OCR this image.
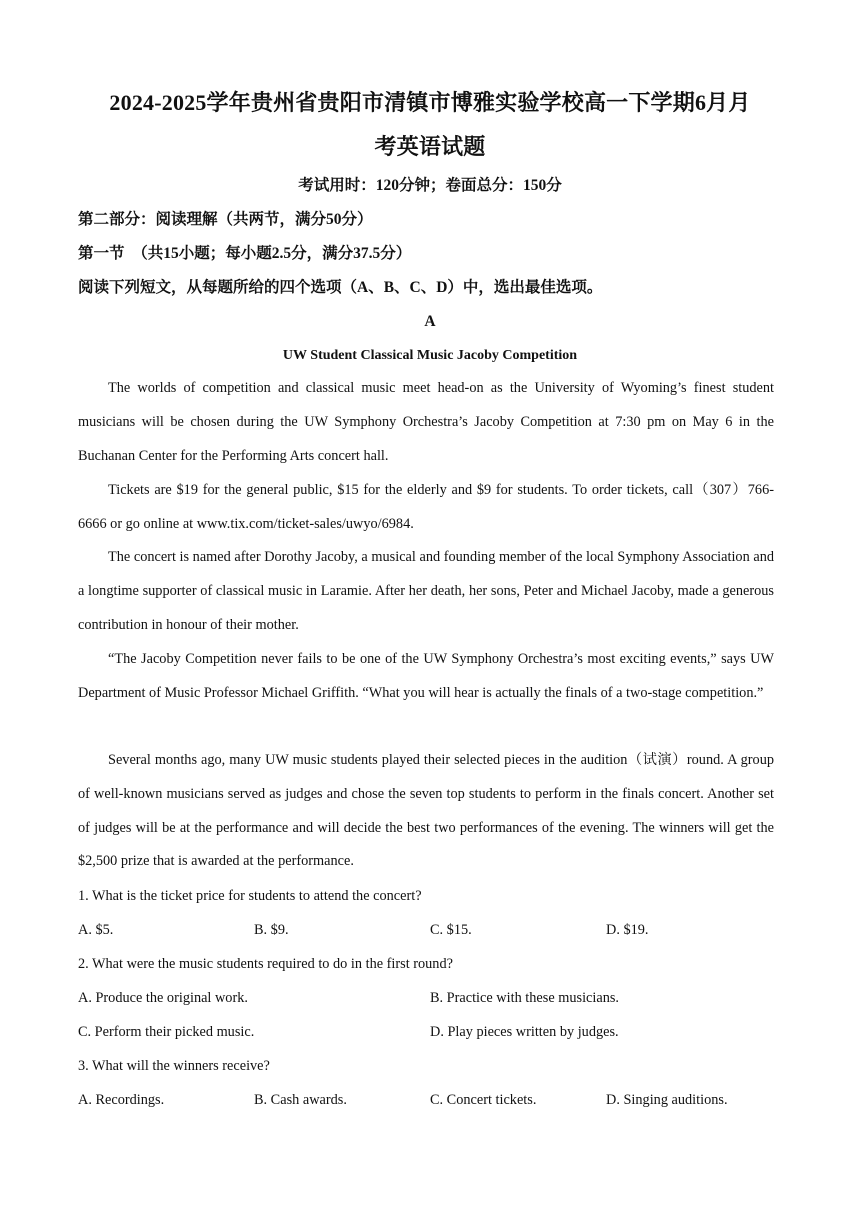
2024-2025学年贵州省贵阳市清镇市博雅实验学校高一下学期6月月
考英语试题
考试用时：120分钟；卷面总分：150分
第二部分：阅读理解（共两节，满分50分）
第一节　（共15小题；每小题2.5分，满分37.5分）
阅读下列短文，从每题所给的四个选项（A、B、C、D）中，选出最佳选项。
A
UW Student Classical Music Jacoby Competition

The worlds of competition and classical music meet head-on as the University of Wyoming’s finest student musicians will be chosen during the UW Symphony Orchestra’s Jacoby Competition at 7:30 pm on May 6 in the Buchanan Center for the Performing Arts concert hall.

Tickets are $19 for the general public, $15 for the elderly and $9 for students. To order tickets, call（307）766-6666 or go online at www.tix.com/ticket-sales/uwyo/6984.

The concert is named after Dorothy Jacoby, a musical and founding member of the local Symphony Association and a longtime supporter of classical music in Laramie. After her death, her sons, Peter and Michael Jacoby, made a generous contribution in honour of their mother.

“The Jacoby Competition never fails to be one of the UW Symphony Orchestra’s most exciting events,” says UW Department of Music Professor Michael Griffith. “What you will hear is actually the finals of a two-stage competition.”

Several months ago, many UW music students played their selected pieces in the audition（试演）round. A group of well-known musicians served as judges and chose the seven top students to perform in the finals concert. Another set of judges will be at the performance and will decide the best two performances of the evening. The winners will get the $2,500 prize that is awarded at the performance.

1. What is the ticket price for students to attend the concert?
A. $5.	B. $9.	C. $15.	D. $19.
2. What were the music students required to do in the first round?
A. Produce the original work.	B. Practice with these musicians.
C. Perform their picked music.	D. Play pieces written by judges.
3. What will the winners receive?
A. Recordings.	B. Cash awards.	C. Concert tickets.	D. Singing auditions.
